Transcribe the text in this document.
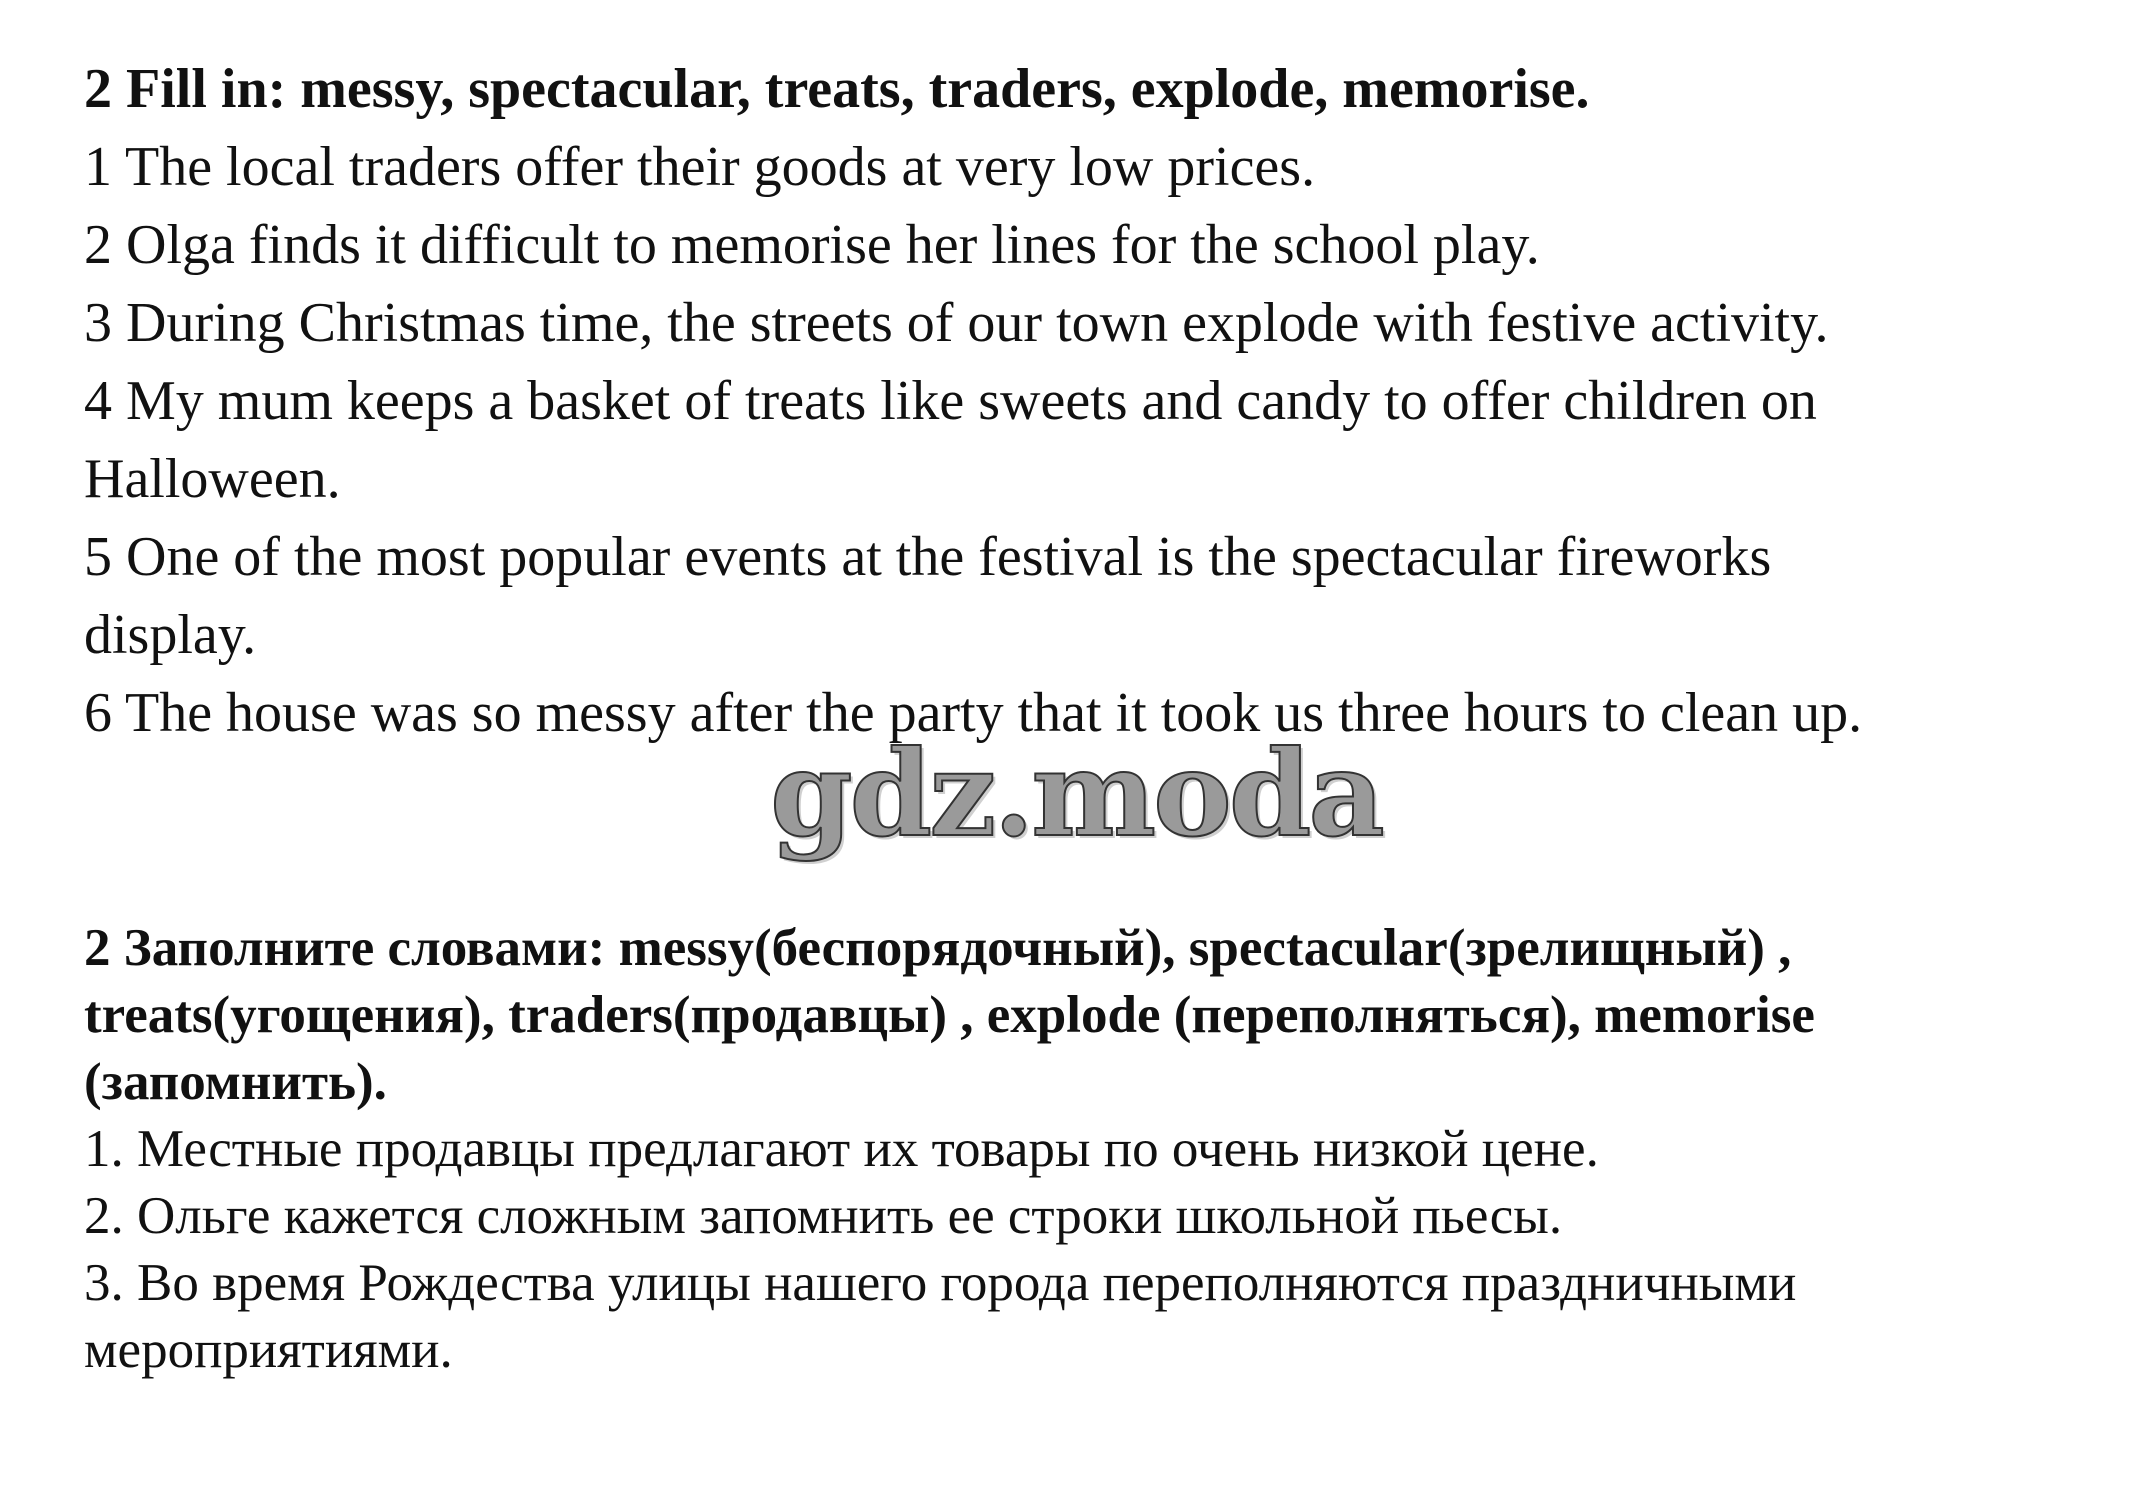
2 Fill in: messy, spectacular, treats, traders, explode, memorise.

1 The local traders offer their goods at very low prices.

2 Olga finds it difficult to memorise her lines for the school play.

3 During Christmas time, the streets of our town explode with festive activity.

4 My mum keeps a basket of treats like sweets and candy to offer children on Halloween.

5 One of the most popular events at the festival is the spectacular fireworks display.

6 The house was so messy after the party that it took us three hours to clean up.

gdz.moda

2 Заполните словами: messy(беспорядочный), spectacular(зрелищный) , treats(угощения), traders(продавцы) , explode (переполняться), memorise (запомнить).

1. Местные продавцы предлагают их товары по очень низкой цене.

2. Ольге кажется сложным запомнить ее строки школьной пьесы.

3. Во время Рождества улицы нашего города переполняются праздничными мероприятиями.
